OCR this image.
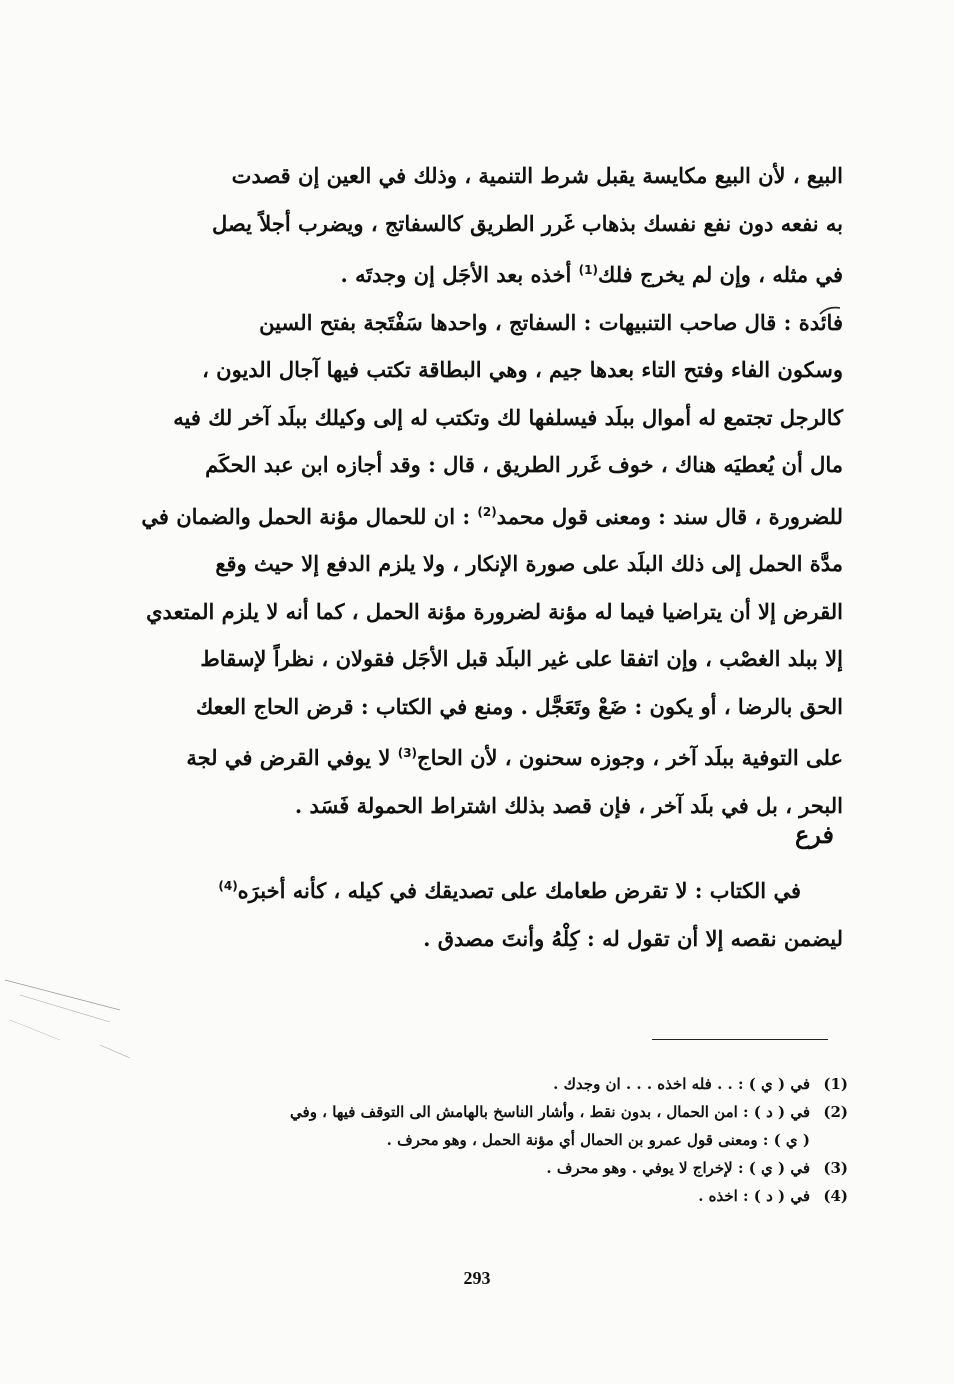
البيع ، لأن البيع مكايسة يقبل شرط التنمية ، وذلك في العين إن قصدت
به نفعه دون نفع نفسك بذهاب غَرر الطريق كالسفاتج ، ويضرب أجلاً يصل
في مثله ، وإن لم يخرج فلك$^{(1)}$ أخذه بعد الأجَل إن وجدتَه .
فائدة : قال صاحب التنبيهات : السفاتج ، واحدها سَفْتَجة بفتح السين
وسكون الفاء وفتح التاء بعدها جيم ، وهي البطاقة تكتب فيها آجال الديون ،
كالرجل تجتمع له أموال ببلَد فيسلفها لك وتكتب له إلى وكيلك ببلَد آخر لك فيه
مال أن يُعطيَه هناك ، خوف غَرر الطريق ، قال : وقد أجازه ابن عبد الحكَم
للضرورة ، قال سند : ومعنى قول محمد$^{(2)}$ : ان للحمال مؤنة الحمل والضمان في
مدَّة الحمل إلى ذلك البلَد على صورة الإنكار ، ولا يلزم الدفع إلا حيث وقع
القرض إلا أن يتراضيا فيما له مؤنة لضرورة مؤنة الحمل ، كما أنه لا يلزم المتعدي
إلا ببلد الغصْب ، وإن اتفقا على غير البلَد قبل الأجَل فقولان ، نظراً لإسقاط
الحق بالرضا ، أو يكون : ضَعْ وتَعَجَّل . ومنع في الكتاب : قرض الحاج الععك
على التوفية ببلَد آخر ، وجوزه سحنون ، لأن الحاج$^{(3)}$ لا يوفي القرض في لجة
البحر ، بل في بلَد آخر ، فإن قصد بذلك اشتراط الحمولة فَسَد .
فرع
في الكتاب : لا تقرض طعامك على تصديقك في كيله ، كأنه أخبرَه$^{(4)}$
ليضمن نقصه إلا أن تقول له : كِلْهُ وأنتَ مصدق .
(1)في ( ي ) : . . فله اخذه . . . ان وجدك .
(2)في ( د ) : امن الحمال ، بدون نقط ، وأشار الناسخ بالهامش الى التوقف فيها ، وفي
( ي ) : ومعنى قول عمرو بن الحمال أي مؤنة الحمل ، وهو محرف .
(3)في ( ي ) : لإخراج لا يوفي . وهو محرف .
(4)في ( د ) : اخذه .
293
